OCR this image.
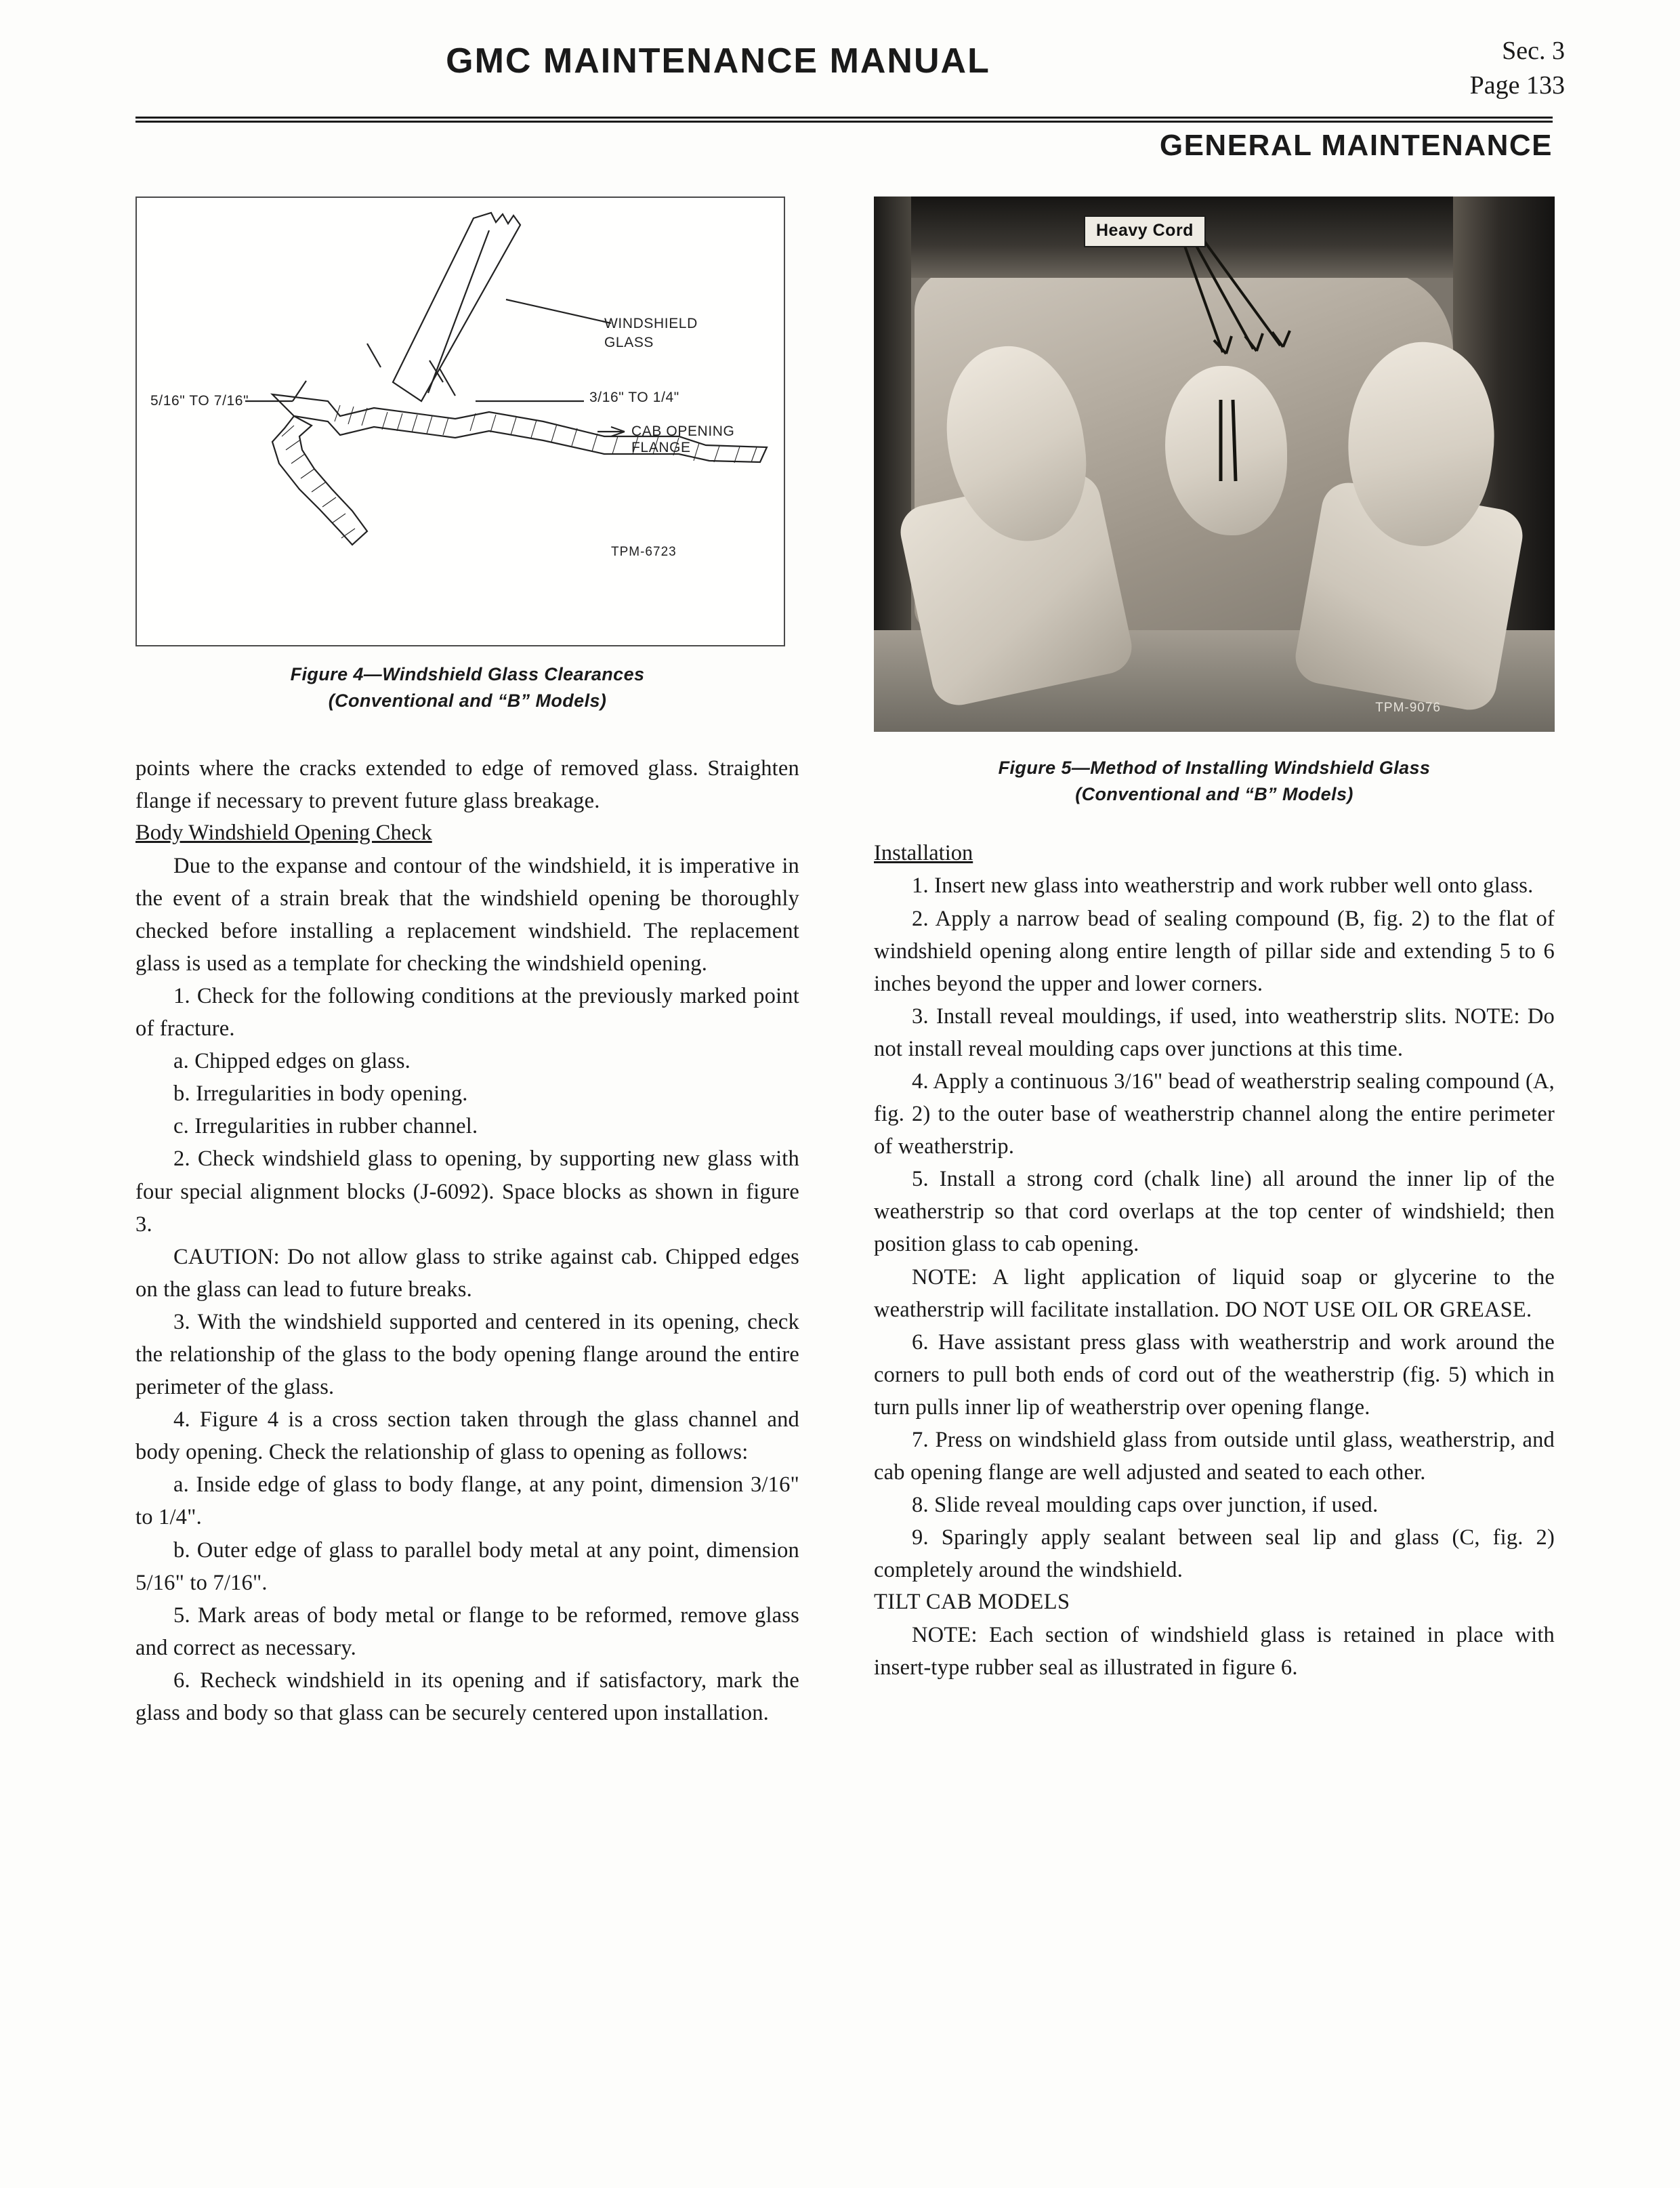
GMC MAINTENANCE MANUAL	Sec. 3
Page 133
GENERAL MAINTENANCE
WINDSHIELD
GLASS
3/16" TO 1/4"
5/16" TO 7/16"
CAB OPENING FLANGE
TPM-6723
Figure 4—Windshield Glass Clearances
(Conventional and “B” Models)

points where the cracks extended to edge of removed glass. Straighten flange if necessary to prevent future glass breakage.

Body Windshield Opening Check

Due to the expanse and contour of the windshield, it is imperative in the event of a strain break that the windshield opening be thoroughly checked before installing a replacement windshield. The replacement glass is used as a template for checking the windshield opening.

1. Check for the following conditions at the previously marked point of fracture.

a. Chipped edges on glass.

b. Irregularities in body opening.

c. Irregularities in rubber channel.

2. Check windshield glass to opening, by supporting new glass with four special alignment blocks (J-6092). Space blocks as shown in figure 3.

CAUTION: Do not allow glass to strike against cab. Chipped edges on the glass can lead to future breaks.

3. With the windshield supported and centered in its opening, check the relationship of the glass to the body opening flange around the entire perimeter of the glass.

4. Figure 4 is a cross section taken through the glass channel and body opening. Check the relationship of glass to opening as follows:

a. Inside edge of glass to body flange, at any point, dimension 3/16" to 1/4".

b. Outer edge of glass to parallel body metal at any point, dimension 5/16" to 7/16".

5. Mark areas of body metal or flange to be reformed, remove glass and correct as necessary.

6. Recheck windshield in its opening and if satisfactory, mark the glass and body so that glass can be securely centered upon installation.

Heavy Cord
TPM-9076
Figure 5—Method of Installing Windshield Glass
(Conventional and “B” Models)

Installation

1. Insert new glass into weatherstrip and work rubber well onto glass.

2. Apply a narrow bead of sealing compound (B, fig. 2) to the flat of windshield opening along entire length of pillar side and extending 5 to 6 inches beyond the upper and lower corners.

3. Install reveal mouldings, if used, into weatherstrip slits. NOTE: Do not install reveal moulding caps over junctions at this time.

4. Apply a continuous 3/16" bead of weatherstrip sealing compound (A, fig. 2) to the outer base of weatherstrip channel along the entire perimeter of weatherstrip.

5. Install a strong cord (chalk line) all around the inner lip of the weatherstrip so that cord overlaps at the top center of windshield; then position glass to cab opening.

NOTE: A light application of liquid soap or glycerine to the weatherstrip will facilitate installation. DO NOT USE OIL OR GREASE.

6. Have assistant press glass with weatherstrip and work around the corners to pull both ends of cord out of the weatherstrip (fig. 5) which in turn pulls inner lip of weatherstrip over opening flange.

7. Press on windshield glass from outside until glass, weatherstrip, and cab opening flange are well adjusted and seated to each other.

8. Slide reveal moulding caps over junction, if used.

9. Sparingly apply sealant between seal lip and glass (C, fig. 2) completely around the windshield.

TILT CAB MODELS

NOTE: Each section of windshield glass is retained in place with insert-type rubber seal as illustrated in figure 6.
